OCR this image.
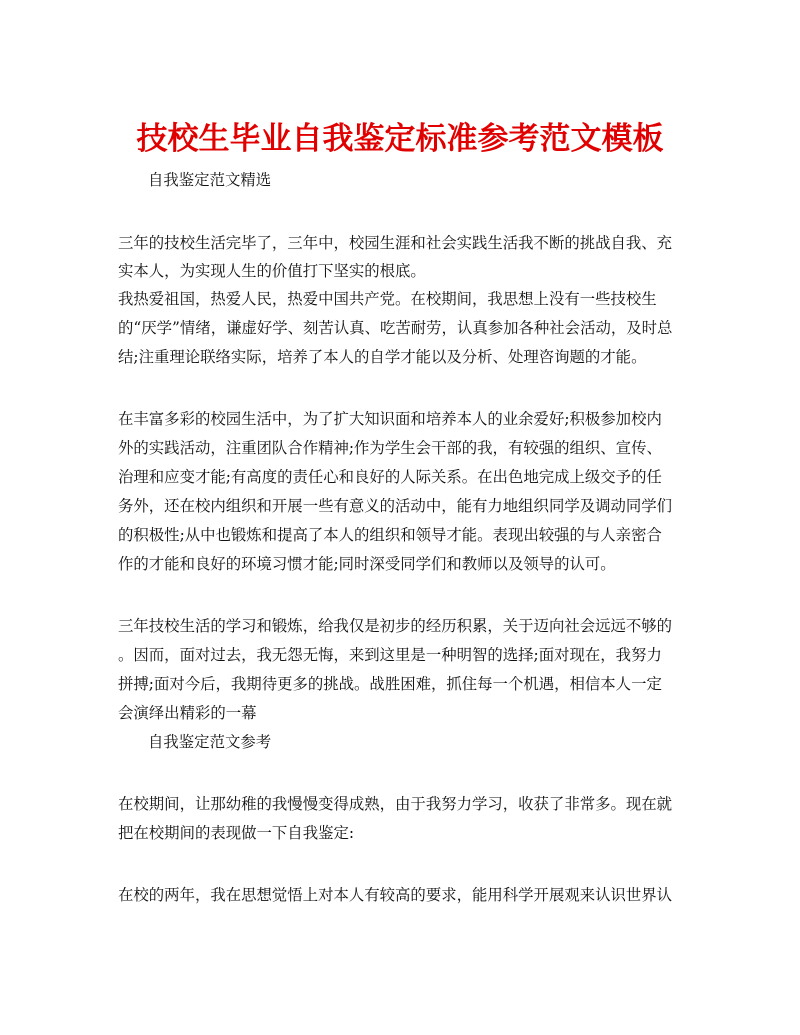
技校生毕业自我鉴定标准参考范文模板
自我鉴定范文精选
三年的技校生活完毕了，三年中，校园生涯和社会实践生活我不断的挑战自我、充
实本人，为实现人生的价值打下坚实的根底。
我热爱祖国，热爱人民，热爱中国共产党。在校期间，我思想上没有一些技校生
的“厌学”情绪，谦虚好学、刻苦认真、吃苦耐劳，认真参加各种社会活动，及时总
结;注重理论联络实际，培养了本人的自学才能以及分析、处理咨询题的才能。
在丰富多彩的校园生活中，为了扩大知识面和培养本人的业余爱好;积极参加校内
外的实践活动，注重团队合作精神;作为学生会干部的我，有较强的组织、宣传、
治理和应变才能;有高度的责任心和良好的人际关系。在出色地完成上级交予的任
务外，还在校内组织和开展一些有意义的活动中，能有力地组织同学及调动同学们
的积极性;从中也锻炼和提高了本人的组织和领导才能。表现出较强的与人亲密合
作的才能和良好的环境习惯才能;同时深受同学们和教师以及领导的认可。
三年技校生活的学习和锻炼，给我仅是初步的经历积累，关于迈向社会远远不够的
。因而，面对过去，我无怨无悔，来到这里是一种明智的选择;面对现在，我努力
拼搏;面对今后，我期待更多的挑战。战胜困难，抓住每一个机遇，相信本人一定
会演绎出精彩的一幕
自我鉴定范文参考
在校期间，让那幼稚的我慢慢变得成熟，由于我努力学习，收获了非常多。现在就
把在校期间的表现做一下自我鉴定:
在校的两年，我在思想觉悟上对本人有较高的要求，能用科学开展观来认识世界认
